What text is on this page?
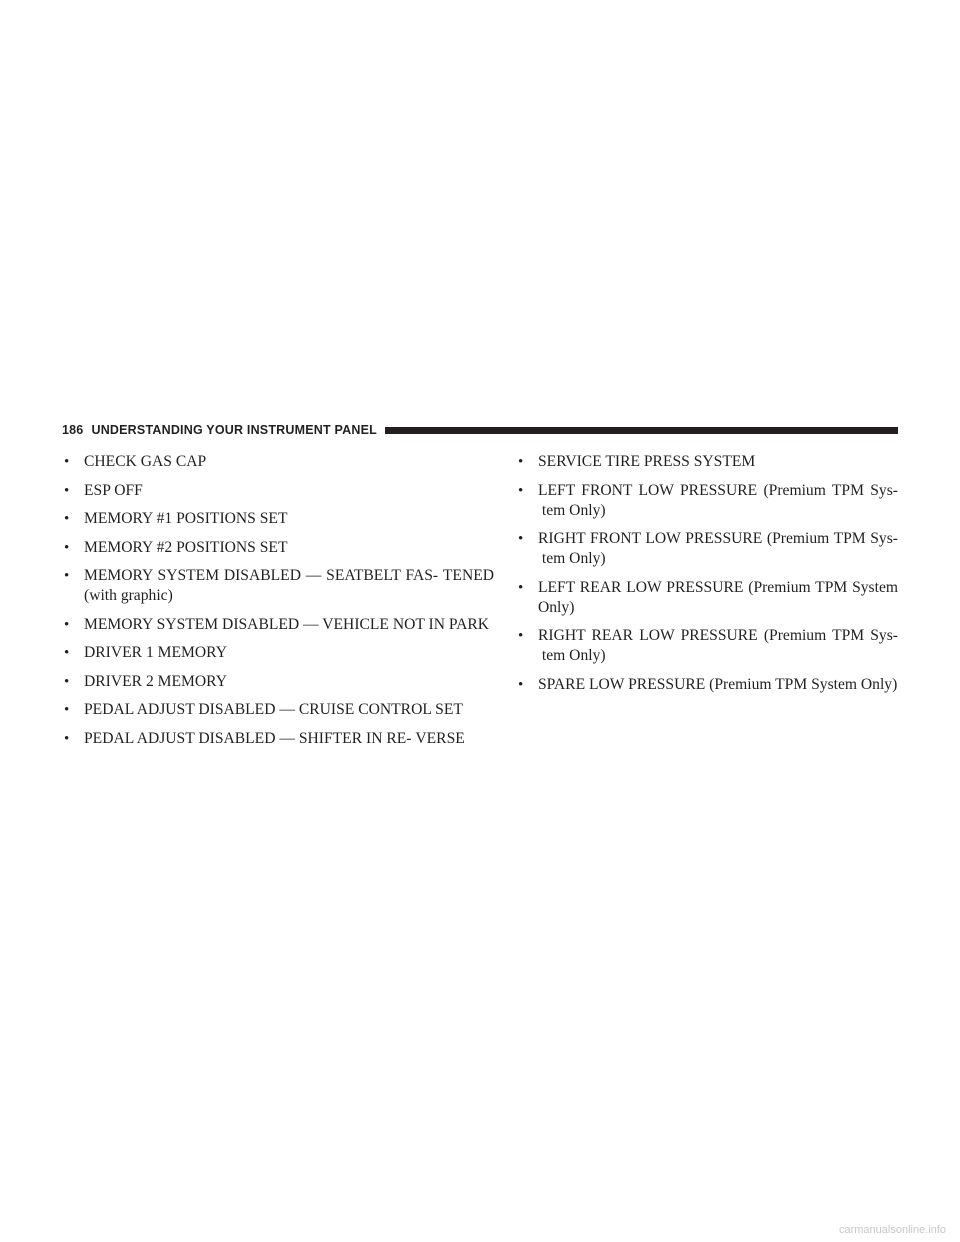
186 UNDERSTANDING YOUR INSTRUMENT PANEL
• CHECK GAS CAP
• ESP OFF
• MEMORY #1 POSITIONS SET
• MEMORY #2 POSITIONS SET
• MEMORY SYSTEM DISABLED — SEATBELT FAS- TENED (with graphic)
• MEMORY SYSTEM DISABLED — VEHICLE NOT IN PARK
• DRIVER 1 MEMORY
• DRIVER 2 MEMORY
• PEDAL ADJUST DISABLED — CRUISE CONTROL SET
• PEDAL ADJUST DISABLED — SHIFTER IN RE- VERSE
• SERVICE TIRE PRESS SYSTEM
• LEFT FRONT LOW PRESSURE (Premium TPM Sys- tem Only)
• RIGHT FRONT LOW PRESSURE (Premium TPM Sys- tem Only)
• LEFT REAR LOW PRESSURE (Premium TPM System Only)
• RIGHT REAR LOW PRESSURE (Premium TPM Sys- tem Only)
• SPARE LOW PRESSURE (Premium TPM System Only)
carmanualsonline.info
